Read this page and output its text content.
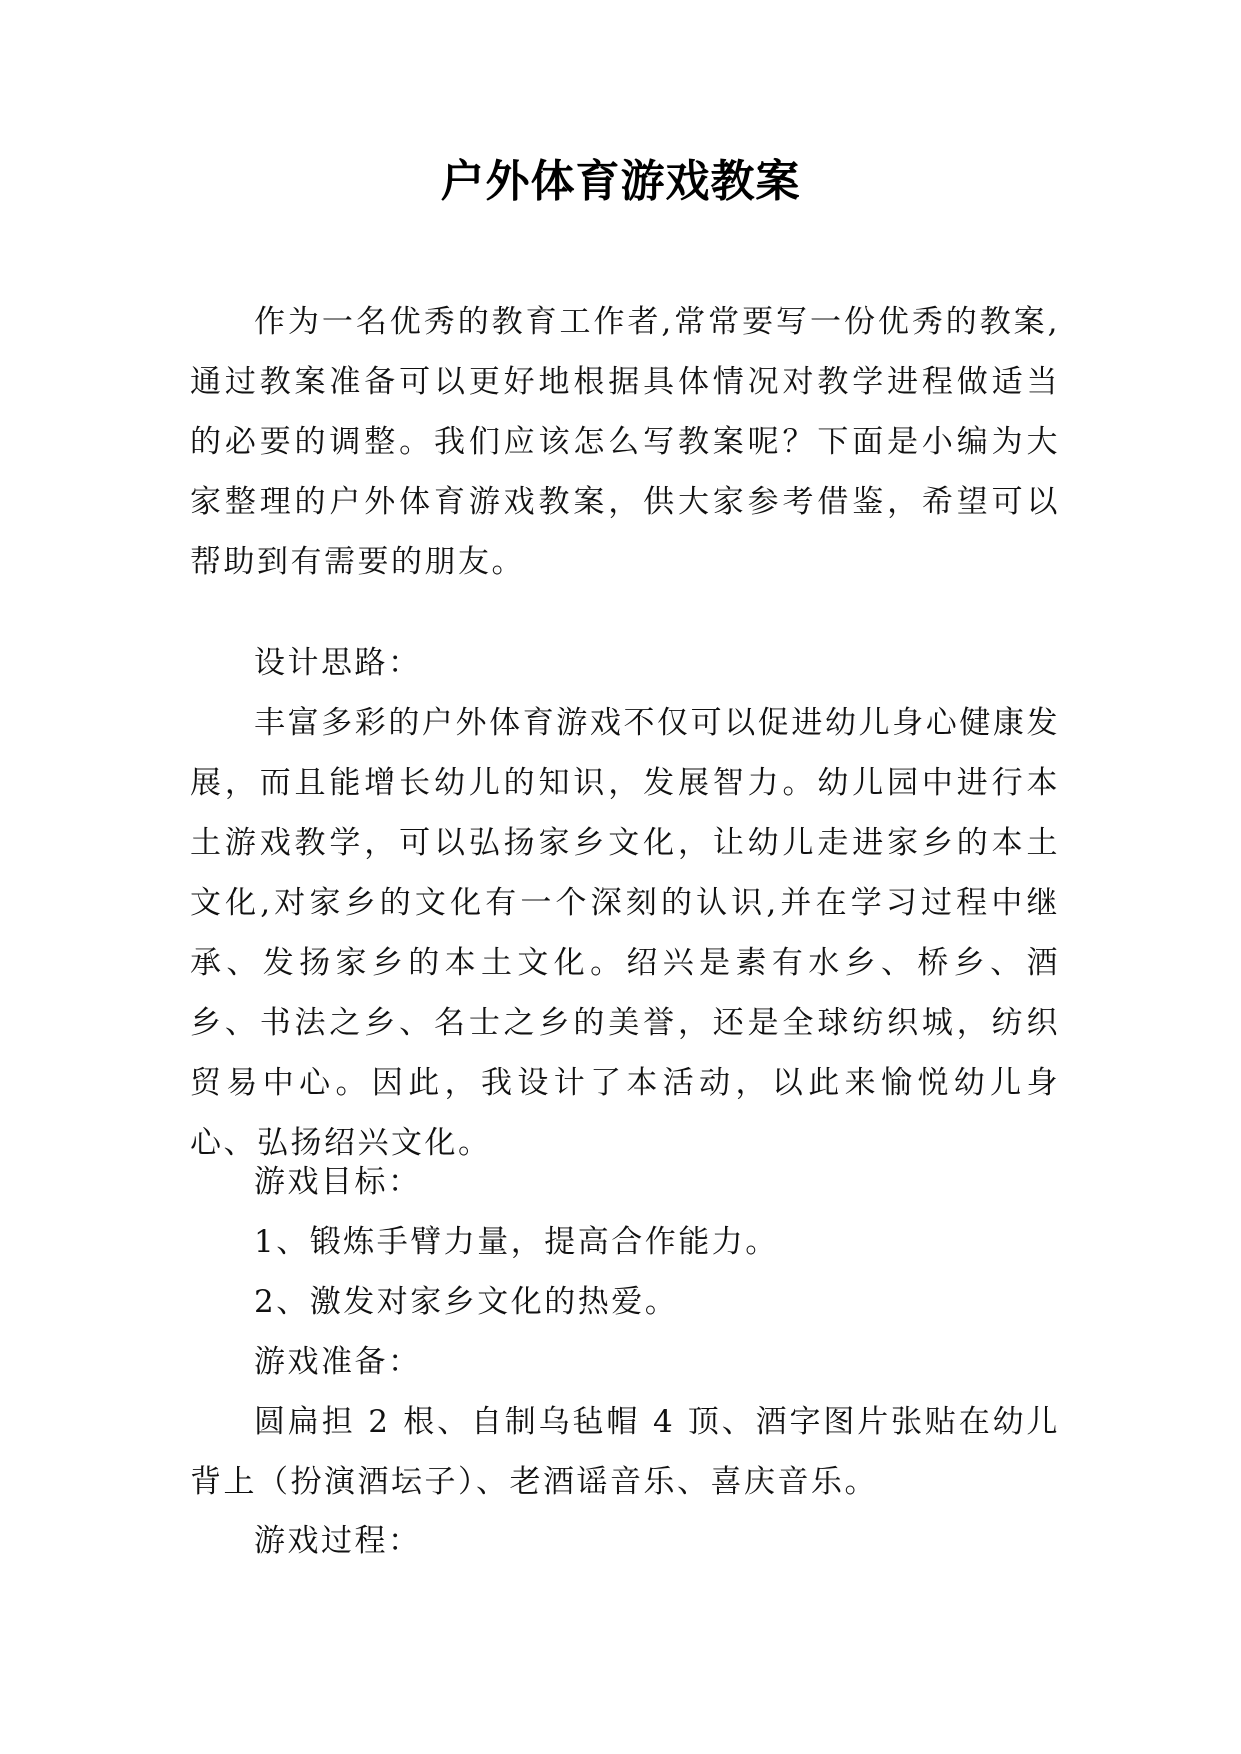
户外体育游戏教案

作为一名优秀的教育工作者,常常要写一份优秀的教案,通过教案准备可以更好地根据具体情况对教学进程做适当的必要的调整。我们应该怎么写教案呢？下面是小编为大家整理的户外体育游戏教案，供大家参考借鉴，希望可以帮助到有需要的朋友。

设计思路：

丰富多彩的户外体育游戏不仅可以促进幼儿身心健康发展，而且能增长幼儿的知识，发展智力。幼儿园中进行本土游戏教学，可以弘扬家乡文化，让幼儿走进家乡的本土文化,对家乡的文化有一个深刻的认识,并在学习过程中继承、发扬家乡的本土文化。绍兴是素有水乡、桥乡、酒乡、书法之乡、名士之乡的美誉，还是全球纺织城，纺织贸易中心。因此，我设计了本活动，以此来愉悦幼儿身心、弘扬绍兴文化。

游戏目标：

1、锻炼手臂力量，提高合作能力。

2、激发对家乡文化的热爱。

游戏准备：

圆扁担 2 根、自制乌毡帽 4 顶、酒字图片张贴在幼儿背上（扮演酒坛子）、老酒谣音乐、喜庆音乐。

游戏过程：
